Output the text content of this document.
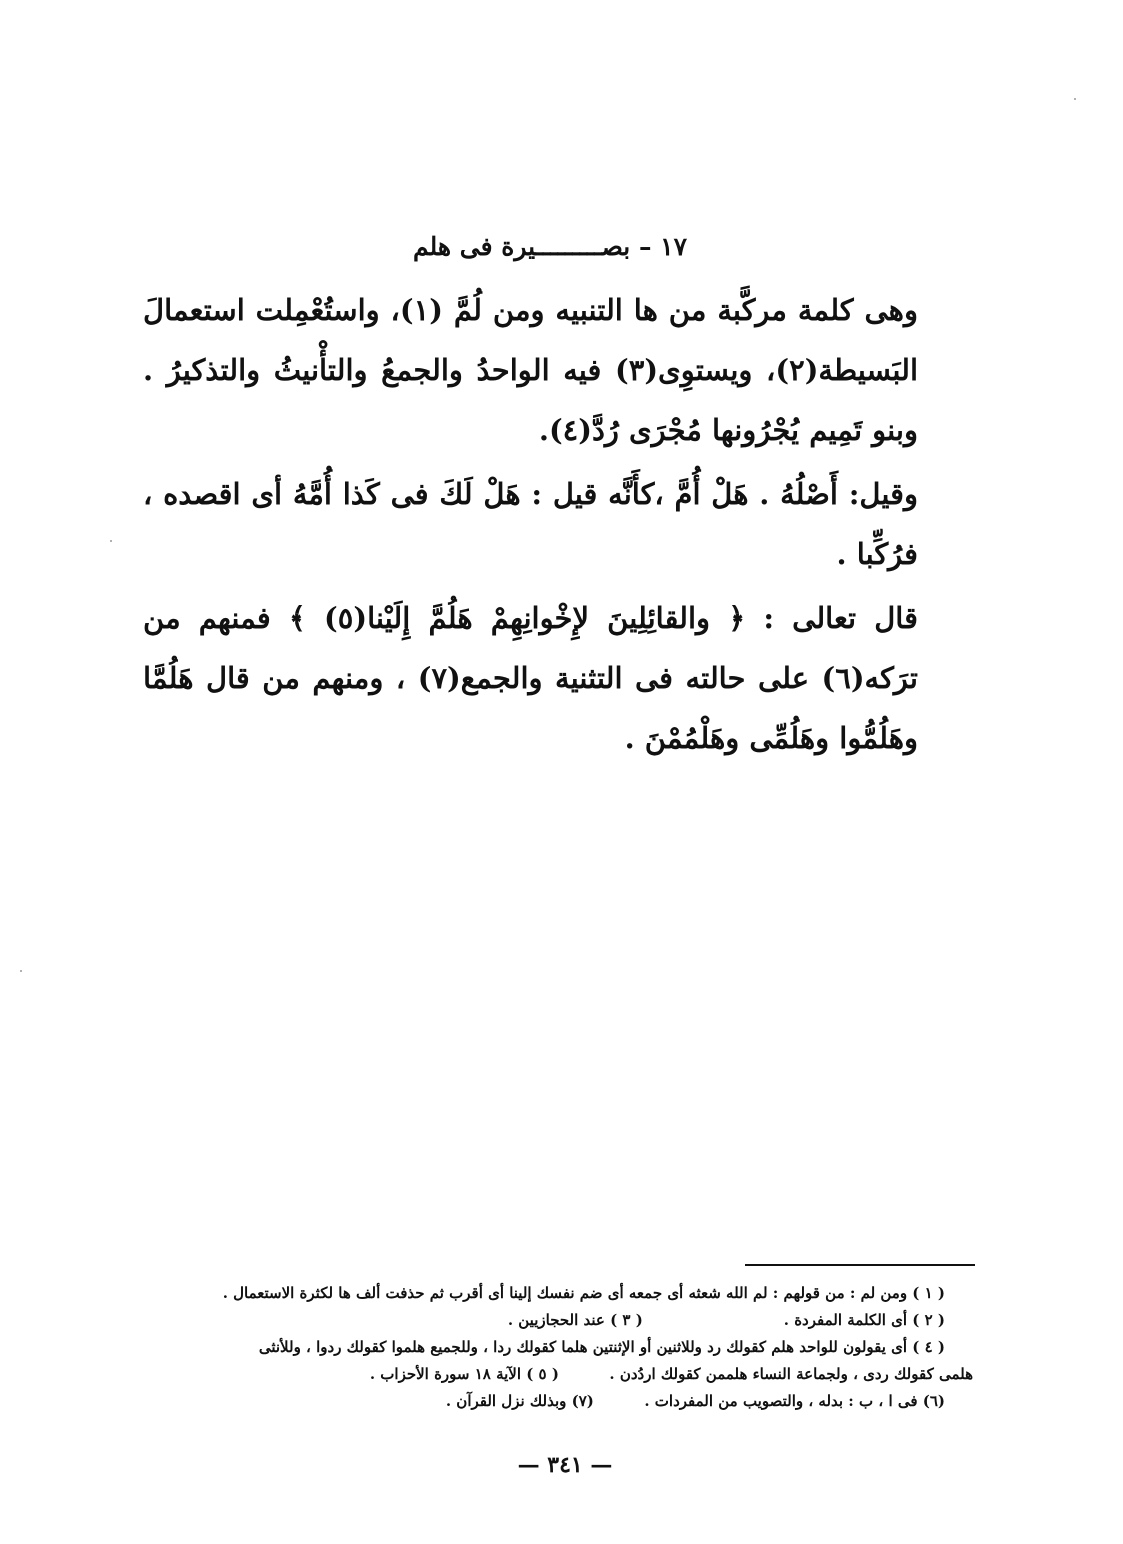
١٧ – بصـــــــــيرة فى هلم

وهى كلمة مركَّبة من ها التنبيه ومن لُمَّ (١)، واستُعْمِلت استعمالَ البَسيطة(٢)، ويستوِى(٣) فيه الواحدُ والجمعُ والتأْنيثُ والتذكيرُ . وبنو تَمِيم يُجْرُونها مُجْرَى رُدَّ(٤).

وقيل: أَصْلُهُ . هَلْ أُمَّ ،كأَنَّه قيل : هَلْ لَكَ فى كَذا أُمَّهُ أى اقصده ، فرُكِّبا .

قال تعالى : ﴿ والقائِلِينَ لإِخْوانِهِمْ هَلُمَّ إِلَيْنا(٥) ﴾ فمنهم من ترَكه(٦) على حالته فى التثنية والجمع(٧) ، ومنهم من قال هَلُمَّا وهَلُمُّوا وهَلُمِّى وهَلْمُمْنَ .

( ١ ) ومن لم : من قولهم : لم الله شعثه أى جمعه أى ضم نفسك إلينا أى أقرب ثم حذفت ألف ها لكثرة الاستعمال .

( ٢ ) أى الكلمة المفردة .    ( ٣ ) عند الحجازيين .

( ٤ ) أى يقولون للواحد هلم كقولك رد وللاثنين أو الإثنتين هلما كقولك ردا ، وللجميع هلموا كقولك ردوا ، وللأنثى

هلمى كقولك ردى ، ولجماعة النساء هلممن كقولك اردُدن .  ( ٥ ) الآية ١٨ سورة الأحزاب .

(٦) فى ا ، ب : بدله ، والتصويب من المفردات .  (٧) وبذلك نزل القرآن .

— ٣٤١ —
